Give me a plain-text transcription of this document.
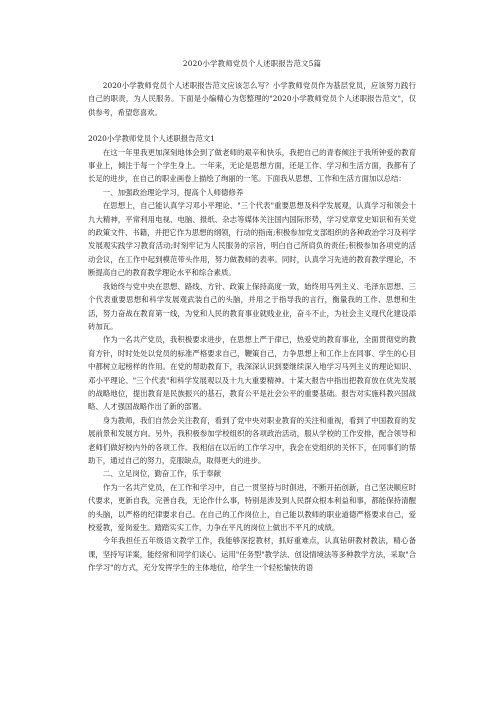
2020小学教师党员个人述职报告范文5篇

2020小学教师党员个人述职报告范文应该怎么写？小学教师党员作为基层党员，应该努力践行自己的职责，为人民服务。下面是小编精心为您整理的"2020小学教师党员个人述职报告范文"，仅供参考，希望您喜欢。

2020小学教师党员个人述职报告范文1

在这一年里我更加深刻地体会到了做老师的艰辛和快乐，我把自己的青春倾注于我所钟爱的教育事业上，倾注于每一个学生身上。一年来，无论是思想方面，还是工作、学习和生活方面，我都有了长足的进步，在自己的职业画卷上描绘了绚丽的一笔。下面我从思想、工作和生活方面加以总结：

一、加强政治理论学习，提高个人师德修养

在思想上，自己能认真学习邓小平理论、"三个代表"重要思想及科学发展观，认真学习和领会十九大精神，平常利用电视、电脑、报纸、杂志等媒体关注国内国际形势，学习党章党史知识和有关党的政策文件、书籍，并把它作为思想的纲领，行动的指南;积极参加党支部组织的各种政治学习及科学发展观实践学习教育活动;时刻牢记为人民服务的宗旨，明白自己所肩负的责任;积极参加各项党的活动会议，在工作中起到模范带头作用，努力做教师的表率。同时，认真学习先进的教育教学理论，不断提高自己的教育教学理论水平和综合素质。

我始终与党中央在思想、路线、方针、政策上保持高度一致，始终用马列主义、毛泽东思想、三个代表重要思想和科学发展观武装自己的头脑，并用之于指导我的言行，衡量我的工作、思想和生活，努力奋战在教育第一线，为党和人民的教育事业就贱业业，奋斗不止，为社会主义现代化建设添砖加瓦。

作为一名共产党员，我积极要求进步，在思想上严于律已，热爱党的教育事业，全面贯彻党的教育方针，时时处处以党员的标准严格要求自己，鞭策自己，力争思想上和工作上在同事、学生的心目中都树立起榜样的作用。在党的帮助教育下，我深深认识到要继续深入地学习马列主义的理论知识、邓小平理论、"三个代表"和科学发展观以及十九大重要精神。十某大报告中指出把教育放在优先发展的战略地位，提出教育是民族振兴的基石，教育公平是社会公平的重要基础。报告对实施科教兴国战略、人才强国战略作出了新的部署。

身为教师，我们自然会关注教育，看到了党中央对职业教育的关注和重视，看到了中国教育的发展前景和发展方向。另外，我积极参加学校组织的各项政治活动，服从学校的工作安排，配合领导和老师们做好校内外的各项工作。我相信在以后的工作学习中，我会在党组织的关怀下，在同事们的帮助下，通过自己的努力，克服缺点，取得更大的进步。

二、立足岗位，勤奋工作，乐于奉献

作为一名共产党员，在工作和学习中，自己一贯坚持与时俱进，不断开拓创新，自己坚决顺应时代要求，更新自我，完善自我，无论作什么事，特别是涉及到人民群众根本利益和事，都能保持清醒的头脑，以严格的纪律要求自己。在自己的工作岗位上，自己能以教师的职业道德严格要求自己，爱校爱教，爱岗爱生。踏踏实实工作，力争在平凡的岗位上做出不平凡的成绩。

今年我担任五年级语文教学工作，我能够深挖教材，抓好重难点，认真钻研教材教法，精心备课，坚持写详案，能经常和同学们谈心。运用"任务型"教学法、创设情境法等多种教学方法，采取"合作学习"的方式，充分发挥学生的主体地位，给学生一个轻松愉快的语
